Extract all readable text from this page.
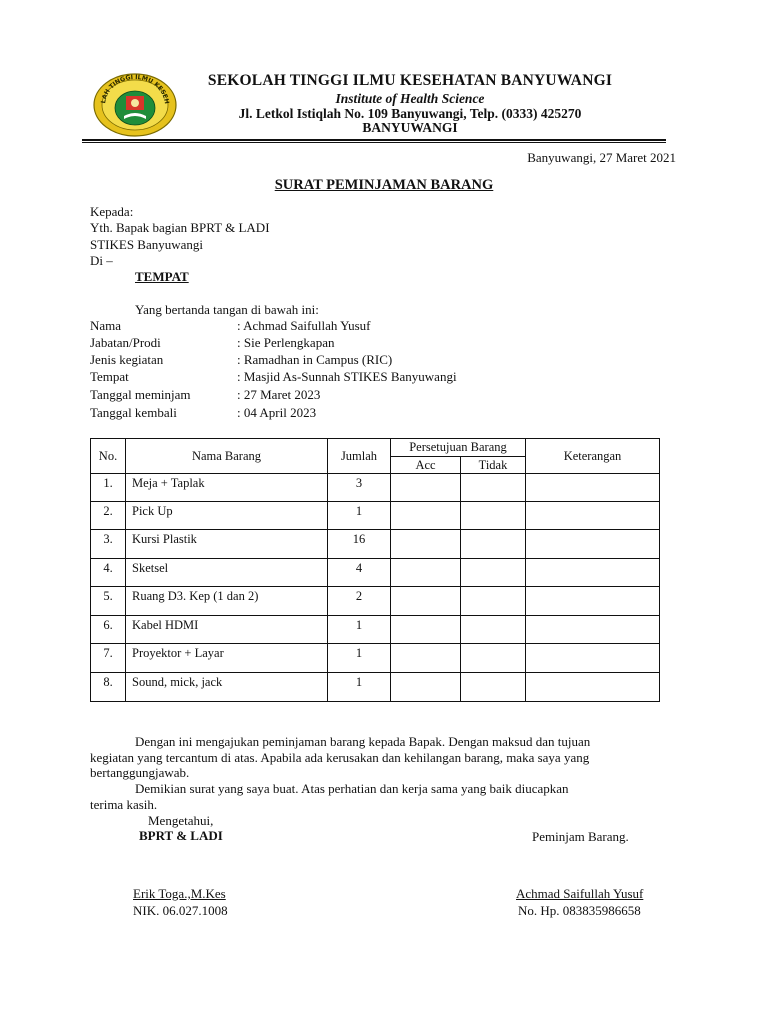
LAH TINGGI ILMU KESEH
SEKOLAH TINGGI ILMU KESEHATAN BANYUWANGI
Institute of Health Science
Jl. Letkol Istiqlah No. 109 Banyuwangi, Telp. (0333) 425270
BANYUWANGI
Banyuwangi, 27 Maret 2021
SURAT PEMINJAMAN BARANG
Kepada:
Yth. Bapak bagian BPRT & LADI
STIKES Banyuwangi
Di –
TEMPAT
Yang bertanda tangan di bawah ini:
Nama	: Achmad Saifullah Yusuf
Jabatan/Prodi	: Sie Perlengkapan
Jenis kegiatan	: Ramadhan in Campus (RIC)
Tempat	: Masjid As-Sunnah STIKES Banyuwangi
Tanggal meminjam	: 27 Maret 2023
Tanggal kembali	: 04 April 2023
No.	Nama Barang	Jumlah	Persetujuan Barang		Keterangan
			Acc	Tidak	
1.	Meja + Taplak	3			
2.	Pick Up	1			
3.	Kursi Plastik	16			
4.	Sketsel	4			
5.	Ruang D3. Kep (1 dan 2)	2			
6.	Kabel HDMI	1			
7.	Proyektor + Layar	1			
8.	Sound, mick, jack	1			
Dengan ini mengajukan peminjaman barang kepada Bapak. Dengan maksud dan tujuan
kegiatan yang tercantum di atas. Apabila ada kerusakan dan kehilangan barang, maka saya yang
bertanggungjawab.
Demikian surat yang saya buat. Atas perhatian dan kerja sama yang baik diucapkan
terima kasih.
Mengetahui,
BPRT & LADI	Peminjam Barang.
Erik Toga.,M.Kes
NIK. 06.027.1008
Achmad Saifullah Yusuf
No. Hp. 083835986658
